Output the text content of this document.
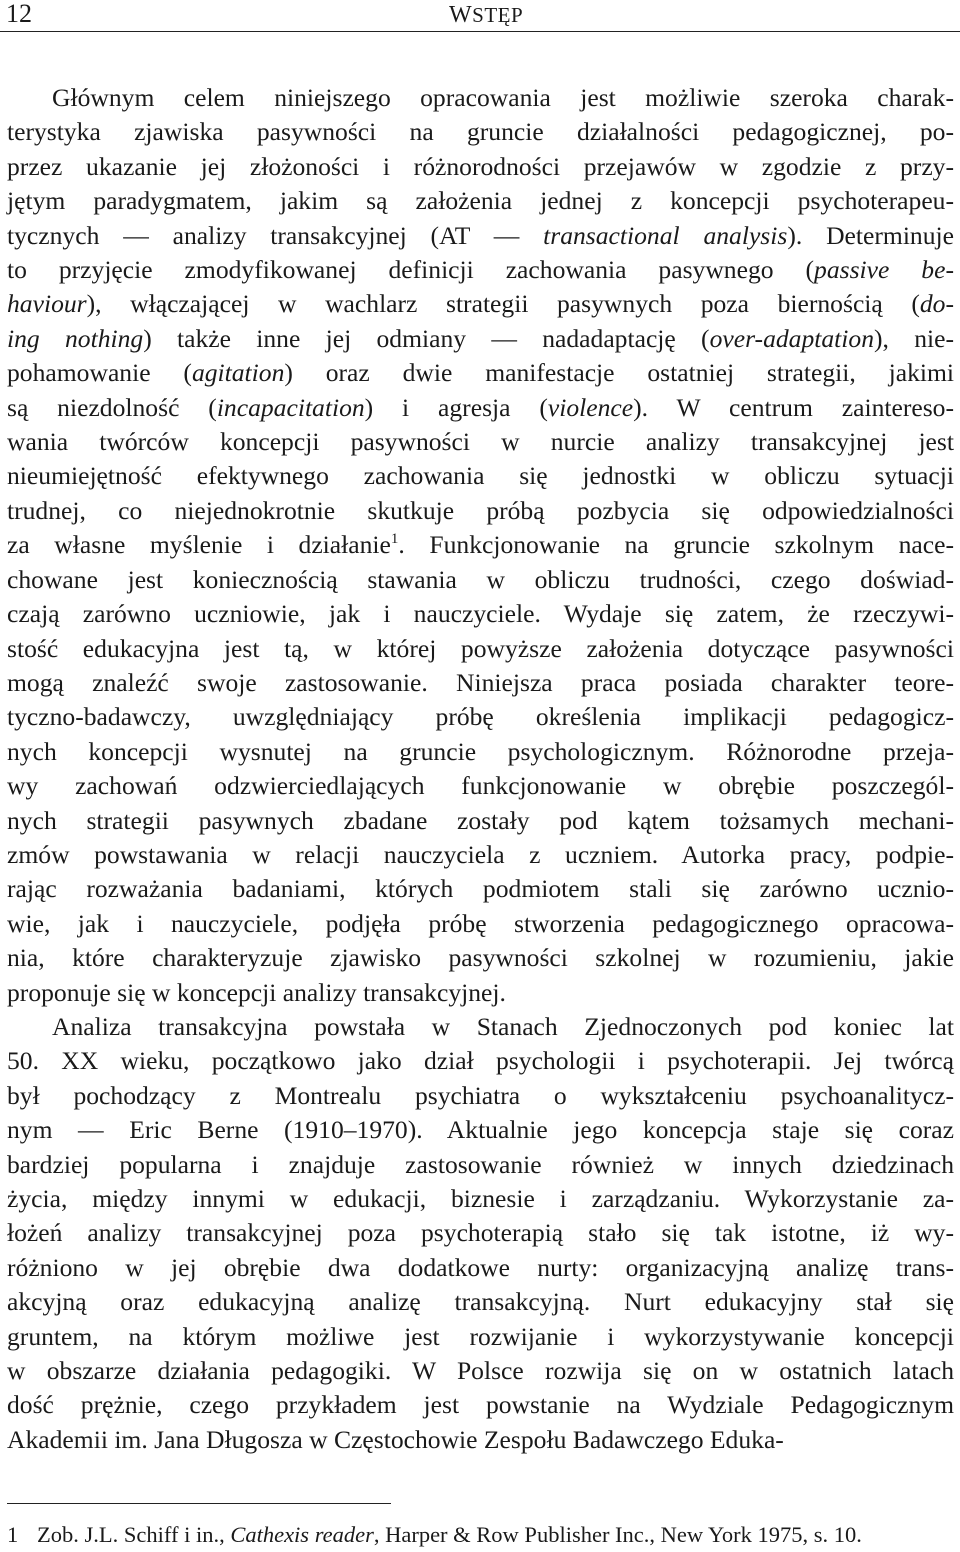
12	WSTĘP

Głównym celem niniejszego opracowania jest możliwie szeroka charak-
terystyka zjawiska pasywności na gruncie działalności pedagogicznej, po-
przez ukazanie jej złożoności i różnorodności przejawów w zgodzie z przy-
jętym paradygmatem, jakim są założenia jednej z koncepcji psychoterapeu-
tycznych — analizy transakcyjnej (AT — transactional analysis). Determinuje
to przyjęcie zmodyfikowanej definicji zachowania pasywnego (passive be-
haviour), włączającej w wachlarz strategii pasywnych poza biernością (do-
ing nothing) także inne jej odmiany — nadadaptację (over-adaptation), nie-
pohamowanie (agitation) oraz dwie manifestacje ostatniej strategii, jakimi
są niezdolność (incapacitation) i agresja (violence). W centrum zaintereso-
wania twórców koncepcji pasywności w nurcie analizy transakcyjnej jest
nieumiejętność efektywnego zachowania się jednostki w obliczu sytuacji
trudnej, co niejednokrotnie skutkuje próbą pozbycia się odpowiedzialności
za własne myślenie i działanie$^1$. Funkcjonowanie na gruncie szkolnym nace-
chowane jest koniecznością stawania w obliczu trudności, czego doświad-
czają zarówno uczniowie, jak i nauczyciele. Wydaje się zatem, że rzeczywi-
stość edukacyjna jest tą, w której powyższe założenia dotyczące pasywności
mogą znaleźć swoje zastosowanie. Niniejsza praca posiada charakter teore-
tyczno-badawczy, uwzględniający próbę określenia implikacji pedagogicz-
nych koncepcji wysnutej na gruncie psychologicznym. Różnorodne przeja-
wy zachowań odzwierciedlających funkcjonowanie w obrębie poszczegól-
nych strategii pasywnych zbadane zostały pod kątem tożsamych mechani-
zmów powstawania w relacji nauczyciela z uczniem. Autorka pracy, podpie-
rając rozważania badaniami, których podmiotem stali się zarówno ucznio-
wie, jak i nauczyciele, podjęła próbę stworzenia pedagogicznego opracowa-
nia, które charakteryzuje zjawisko pasywności szkolnej w rozumieniu, jakie
proponuje się w koncepcji analizy transakcyjnej.

Analiza transakcyjna powstała w Stanach Zjednoczonych pod koniec lat
50. XX wieku, początkowo jako dział psychologii i psychoterapii. Jej twórcą
był pochodzący z Montrealu psychiatra o wykształceniu psychoanalitycz-
nym — Eric Berne (1910–1970). Aktualnie jego koncepcja staje się coraz
bardziej popularna i znajduje zastosowanie również w innych dziedzinach
życia, między innymi w edukacji, biznesie i zarządzaniu. Wykorzystanie za-
łożeń analizy transakcyjnej poza psychoterapią stało się tak istotne, iż wy-
różniono w jej obrębie dwa dodatkowe nurty: organizacyjną analizę trans-
akcyjną oraz edukacyjną analizę transakcyjną. Nurt edukacyjny stał się
gruntem, na którym możliwe jest rozwijanie i wykorzystywanie koncepcji
w obszarze działania pedagogiki. W Polsce rozwija się on w ostatnich latach
dość prężnie, czego przykładem jest powstanie na Wydziale Pedagogicznym
Akademii im. Jana Długosza w Częstochowie Zespołu Badawczego Eduka-

1 Zob. J.L. Schiff i in., Cathexis reader, Harper & Row Publisher Inc., New York 1975, s. 10.
